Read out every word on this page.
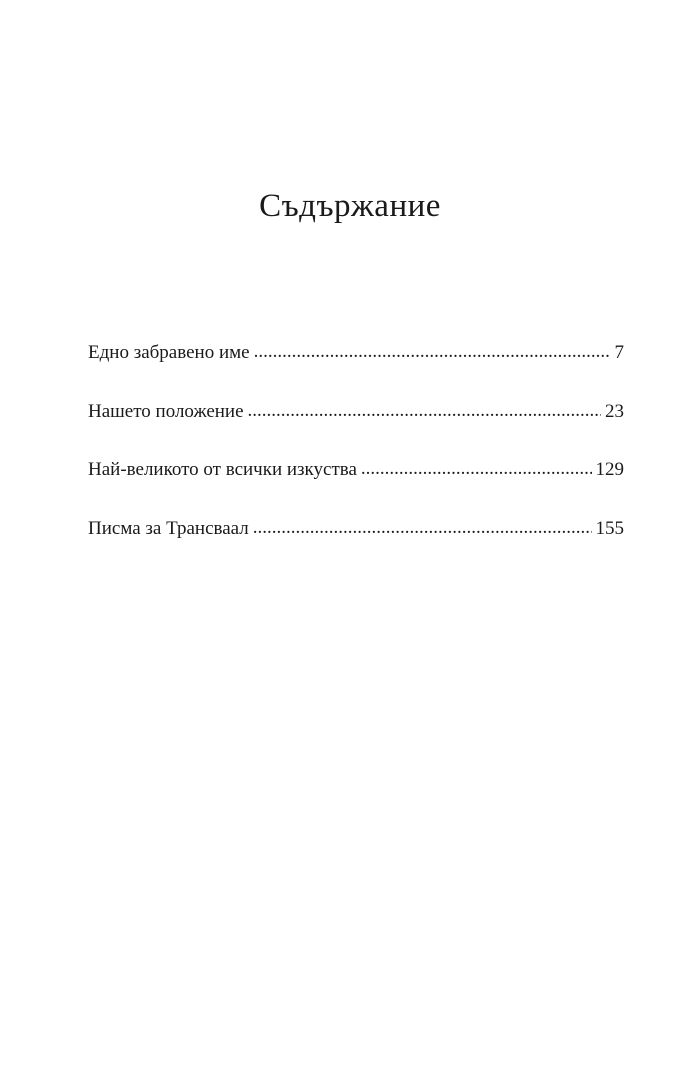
Съдържание
Едно забравено име .....	7
Нашето положение .....	23
Най-великото от всички изкуства .....	129
Писма за Трансваал .....	155
